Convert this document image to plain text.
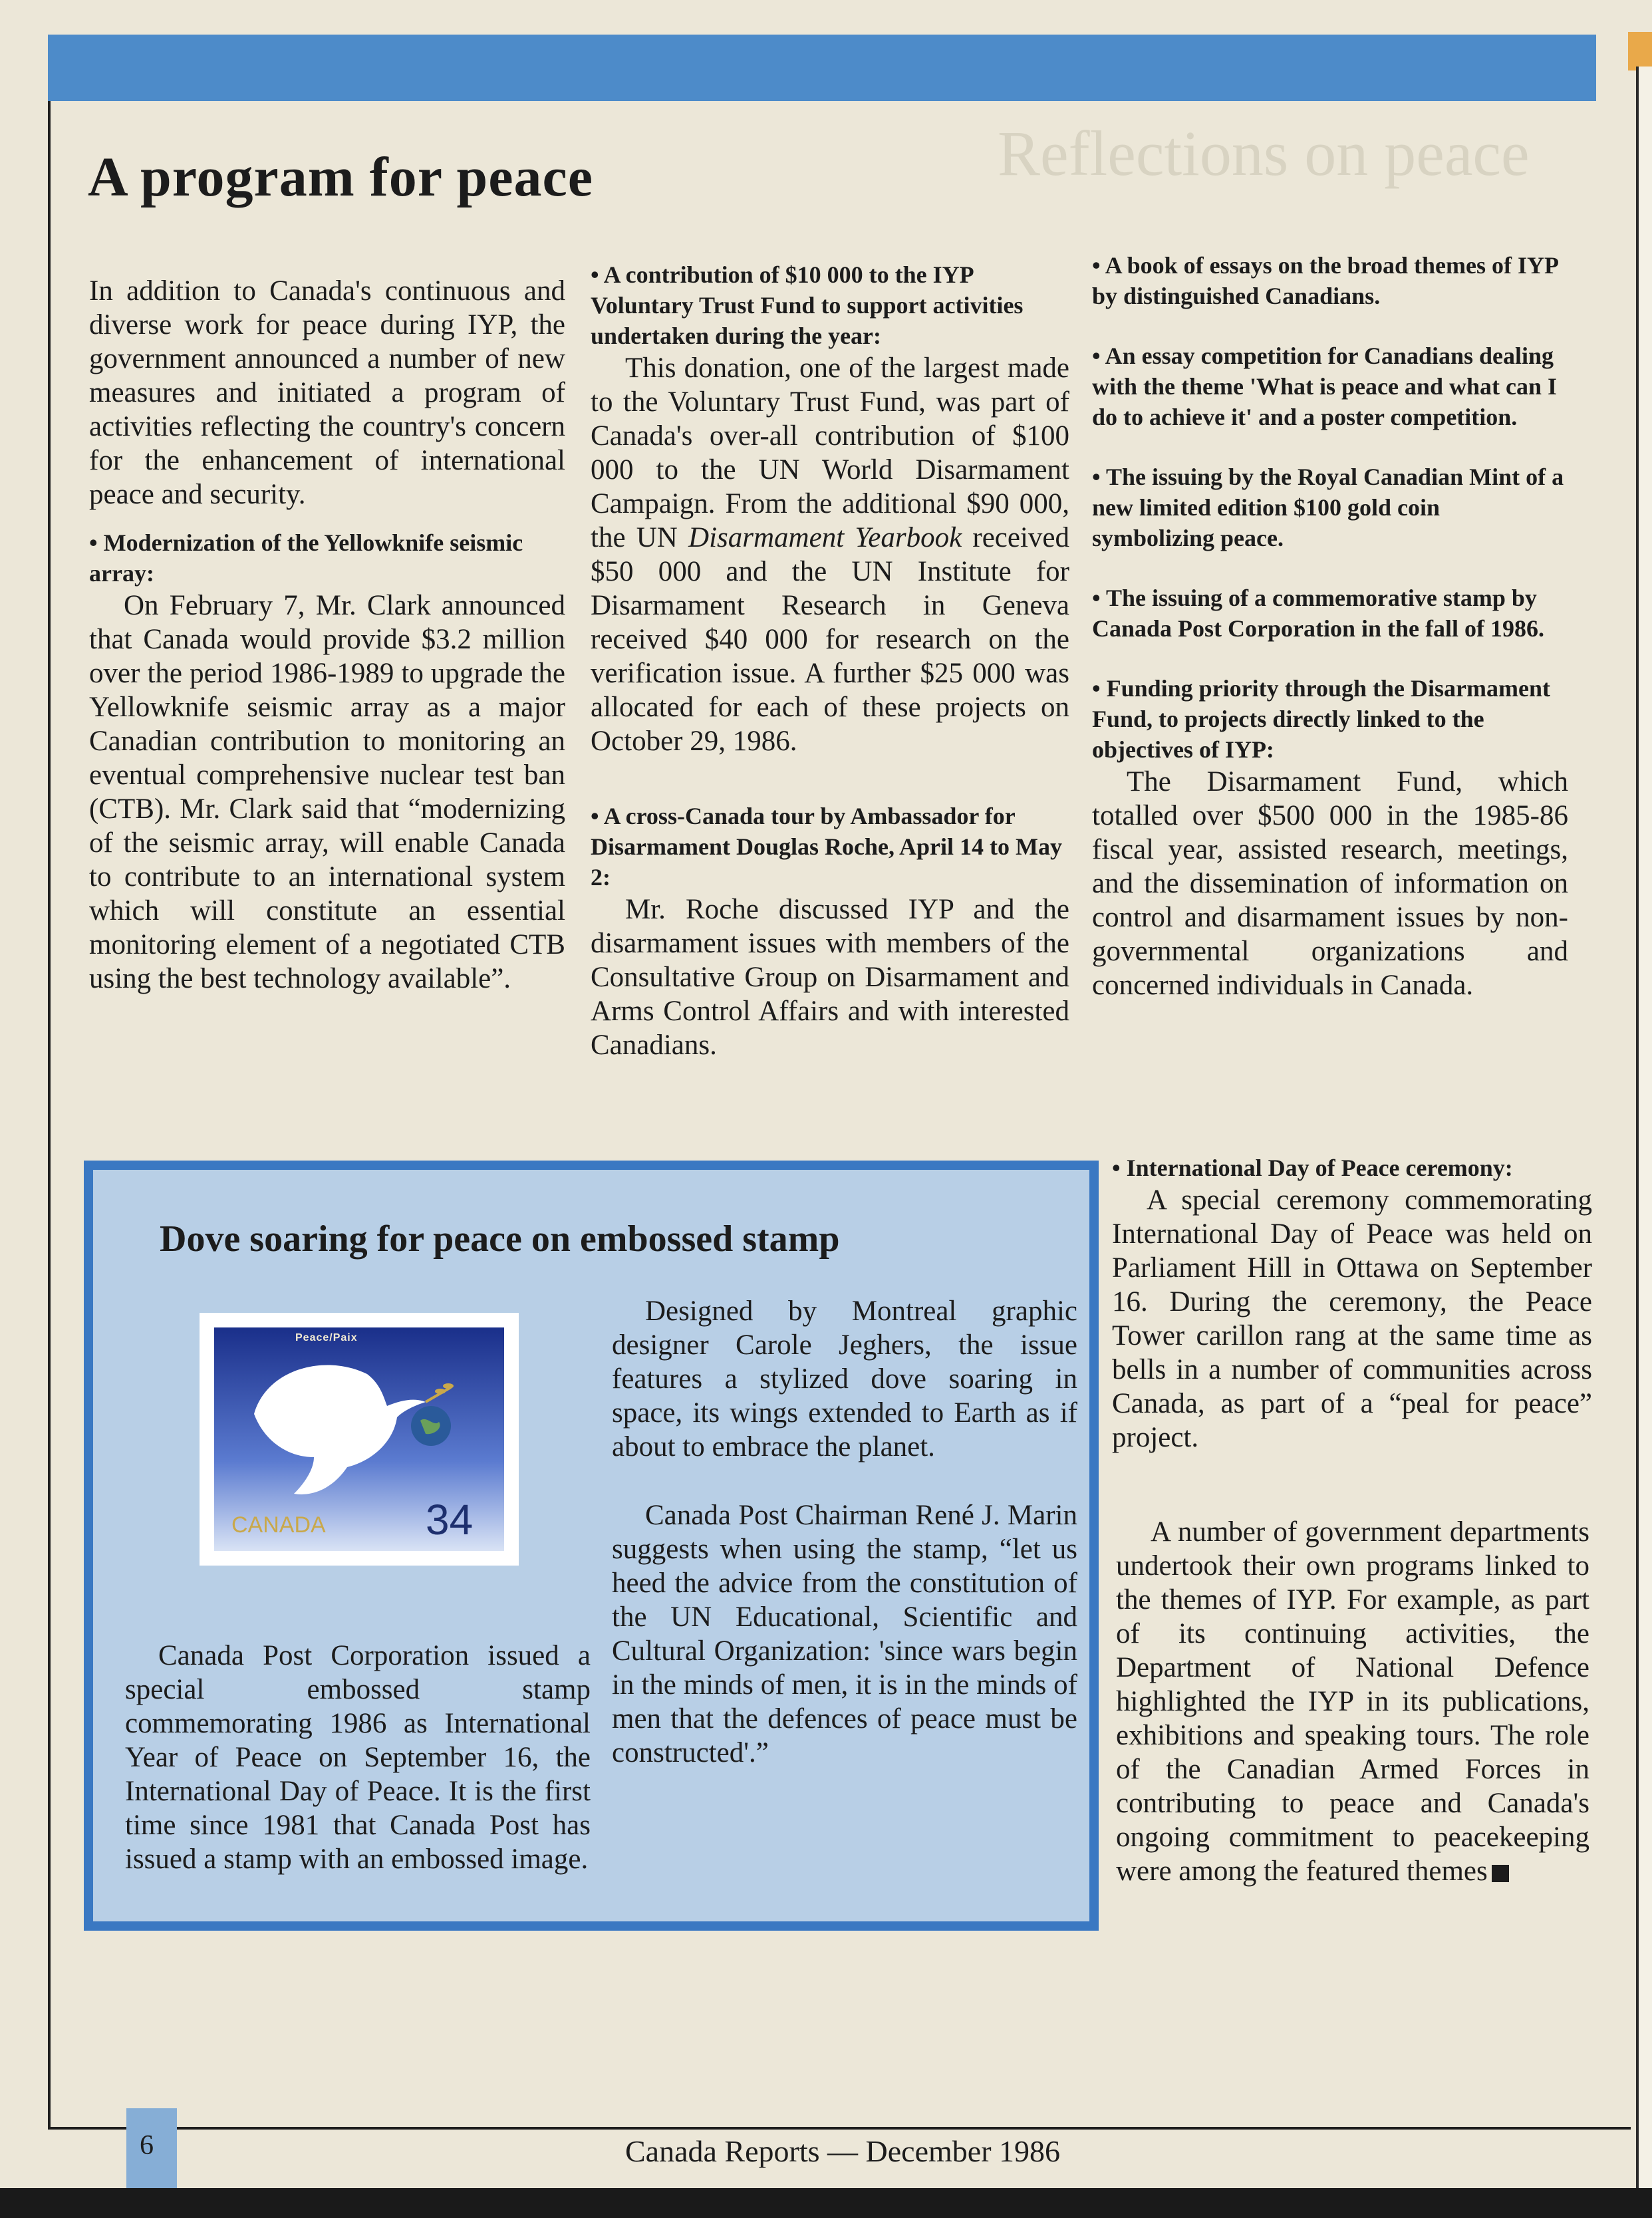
Reflections on peace
A program for peace

In addition to Canada's continuous and diverse work for peace during IYP, the government announced a number of new measures and initiated a program of activities reflecting the country's concern for the enhancement of international peace and security.

• Modernization of the Yellowknife seismic array:

On February 7, Mr. Clark announced that Canada would provide $3.2 million over the period 1986-1989 to upgrade the Yellowknife seismic array as a major Canadian contribution to monitoring an eventual comprehensive nuclear test ban (CTB). Mr. Clark said that “modernizing of the seismic array, will enable Canada to contribute to an international system which will constitute an essential monitoring element of a negotiated CTB using the best technology available”.

• A contribution of $10 000 to the IYP Voluntary Trust Fund to support activities undertaken during the year:

This donation, one of the largest made to the Voluntary Trust Fund, was part of Canada's over-all contribution of $100 000 to the UN World Disarmament Campaign. From the additional $90 000, the UN Disarmament Yearbook received $50 000 and the UN Institute for Disarmament Research in Geneva received $40 000 for research on the verification issue. A further $25 000 was allocated for each of these projects on October 29, 1986.

• A cross-Canada tour by Ambassador for Disarmament Douglas Roche, April 14 to May 2:

Mr. Roche discussed IYP and the disarmament issues with members of the Consultative Group on Disarmament and Arms Control Affairs and with interested Canadians.

• A book of essays on the broad themes of IYP by distinguished Canadians.

• An essay competition for Canadians dealing with the theme 'What is peace and what can I do to achieve it' and a poster competition.

• The issuing by the Royal Canadian Mint of a new limited edition $100 gold coin symbolizing peace.

• The issuing of a commemorative stamp by Canada Post Corporation in the fall of 1986.

• Funding priority through the Disarmament Fund, to projects directly linked to the objectives of IYP:

The Disarmament Fund, which totalled over $500 000 in the 1985-86 fiscal year, assisted research, meetings, and the dissemination of information on control and disarmament issues by non-governmental organizations and concerned individuals in Canada.

• International Day of Peace ceremony:

A special ceremony commemorating International Day of Peace was held on Parliament Hill in Ottawa on September 16. During the ceremony, the Peace Tower carillon rang at the same time as bells in a number of communities across Canada, as part of a “peal for peace” project.

A number of government departments undertook their own programs linked to the themes of IYP. For example, as part of its continuing activities, the Department of National Defence highlighted the IYP in its publications, exhibitions and speaking tours. The role of the Canadian Armed Forces in contributing to peace and Canada's ongoing commitment to peacekeeping were among the featured themes

Dove soaring for peace on embossed stamp
Peace/Paix
CANADA 34

Canada Post Corporation issued a special embossed stamp commemorating 1986 as International Year of Peace on September 16, the International Day of Peace. It is the first time since 1981 that Canada Post has issued a stamp with an embossed image.

Designed by Montreal graphic designer Carole Jeghers, the issue features a stylized dove soaring in space, its wings extended to Earth as if about to embrace the planet.

Canada Post Chairman René J. Marin suggests when using the stamp, “let us heed the advice from the constitution of the UN Educational, Scientific and Cultural Organization: 'since wars begin in the minds of men, it is in the minds of men that the defences of peace must be constructed'.”

6	Canada Reports — December 1986
